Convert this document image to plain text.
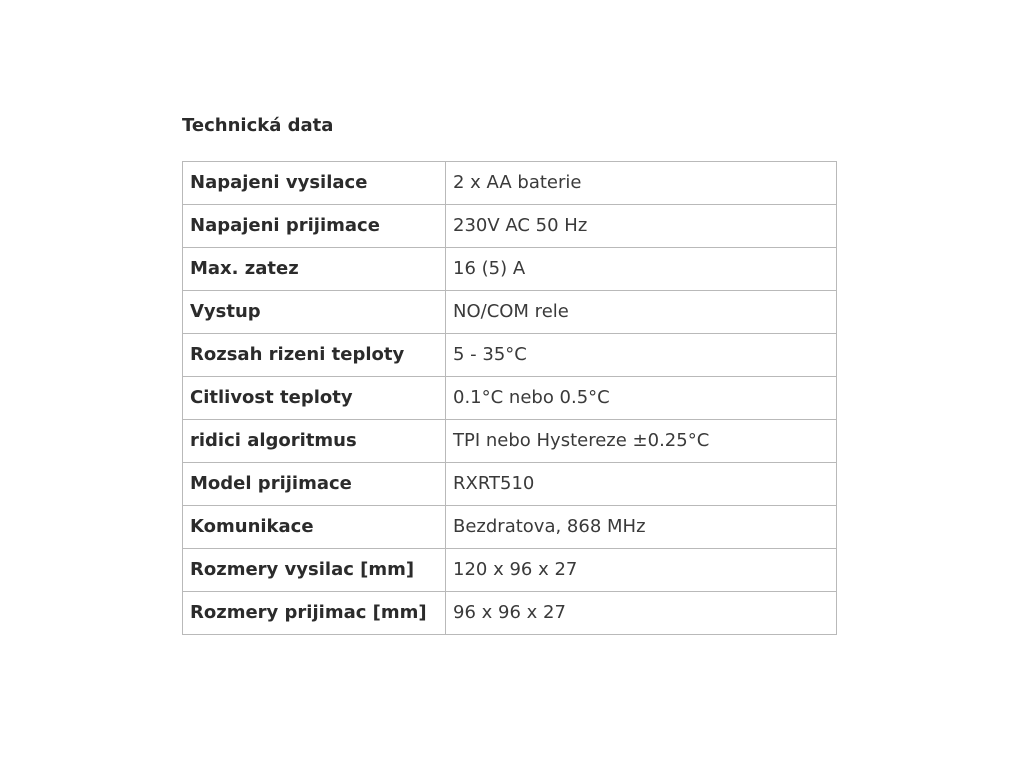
Technická data
Napajeni vysilace	2 x AA baterie
Napajeni prijimace	230V AC 50 Hz
Max. zatez	16 (5) A
Vystup	NO/COM rele
Rozsah rizeni teploty	5 - 35°C
Citlivost teploty	0.1°C nebo 0.5°C
ridici algoritmus	TPI nebo Hystereze ±0.25°C
Model prijimace	RXRT510
Komunikace	Bezdratova, 868 MHz
Rozmery vysilac [mm]	120 x 96 x 27
Rozmery prijimac [mm]	96 x 96 x 27
